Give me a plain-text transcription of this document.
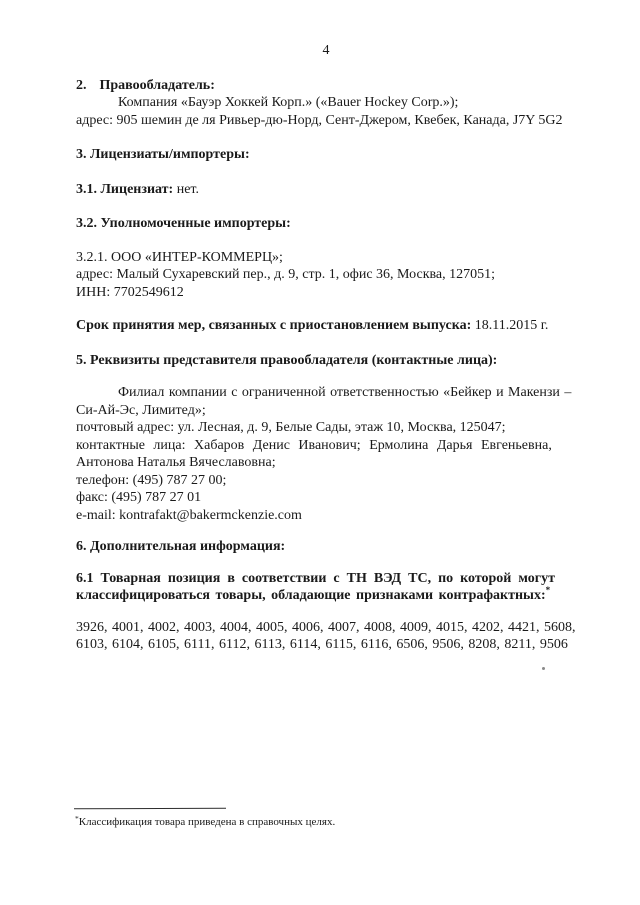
4
2. Правообладатель:
Компания «Бауэр Хоккей Корп.» («Bauer Hockey Corp.»);
адрес: 905 шемин де ля Ривьер-дю-Норд, Сент-Джером, Квебек, Канада, J7Y 5G2
3. Лицензиаты/импортеры:
3.1. Лицензиат: нет.
3.2. Уполномоченные импортеры:
3.2.1. ООО «ИНТЕР-КОММЕРЦ»;
адрес: Малый Сухаревский пер., д. 9, стр. 1, офис 36, Москва, 127051;
ИНН: 7702549612
Срок принятия мер, связанных с приостановлением выпуска: 18.11.2015 г.
5. Реквизиты представителя правообладателя (контактные лица):
Филиал компании с ограниченной ответственностью «Бейкер и Макензи –
Си-Ай-Эс, Лимитед»;
почтовый адрес: ул. Лесная, д. 9, Белые Сады, этаж 10, Москва, 125047;
контактные лица: Хабаров Денис Иванович; Ермолина Дарья Евгеньевна,
Антонова Наталья Вячеславовна;
телефон: (495) 787 27 00;
факс: (495) 787 27 01
e-mail: kontrafakt@bakermckenzie.com
6. Дополнительная информация:
6.1 Товарная позиция в соответствии с ТН ВЭД ТС, по которой могут
классифицироваться товары, обладающие признаками контрафактных:*
3926, 4001, 4002, 4003, 4004, 4005, 4006, 4007, 4008, 4009, 4015, 4202, 4421, 5608,
6103, 6104, 6105, 6111, 6112, 6113, 6114, 6115, 6116, 6506, 9506, 8208, 8211, 9506
*Классификация товара приведена в справочных целях.
